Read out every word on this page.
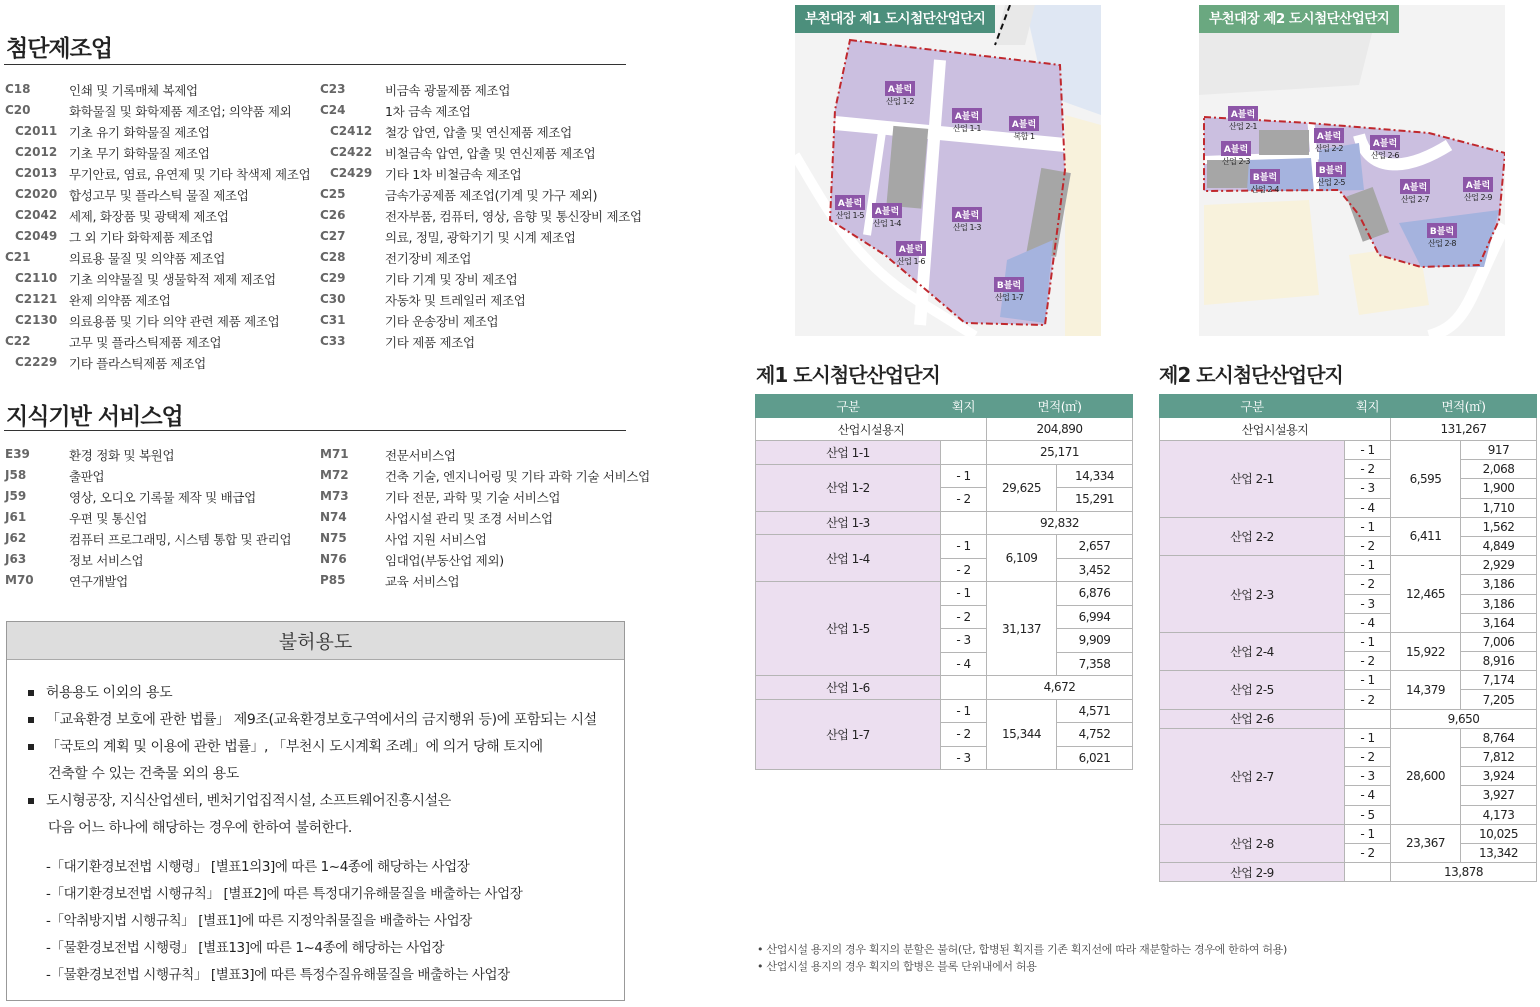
첨단제조업
C18	인쇄 및 기록매체 복제업
C20	화학물질 및 화학제품 제조업; 의약품 제외
C2011 기초 유기 화학물질 제조업
C2012 기초 무기 화학물질 제조업
C2013 무기안료, 염료, 유연제 및 기타 착색제 제조업
C2020 합성고무 및 플라스틱 물질 제조업
C2042 세제, 화장품 및 광택제 제조업
C2049 그 외 기타 화학제품 제조업
C21	의료용 물질 및 의약품 제조업
C2110 기초 의약물질 및 생물학적 제제 제조업
C2121 완제 의약품 제조업
C2130 의료용품 및 기타 의약 관련 제품 제조업
C22	고무 및 플라스틱제품 제조업
C2229 기타 플라스틱제품 제조업
C23	비금속 광물제품 제조업
C24	1차 금속 제조업
C2412 철강 압연, 압출 및 연신제품 제조업
C2422 비철금속 압연, 압출 및 연신제품 제조업
C2429 기타 1차 비철금속 제조업
C25	금속가공제품 제조업(기계 및 가구 제외)
C26	전자부품, 컴퓨터, 영상, 음향 및 통신장비 제조업
C27	의료, 정밀, 광학기기 및 시계 제조업
C28	전기장비 제조업
C29	기타 기계 및 장비 제조업
C30	자동차 및 트레일러 제조업
C31	기타 운송장비 제조업
C33	기타 제품 제조업
지식기반 서비스업
E39	환경 정화 및 복원업
J58	출판업
J59	영상, 오디오 기록물 제작 및 배급업
J61	우편 및 통신업
J62	컴퓨터 프로그래밍, 시스템 통합 및 관리업
J63	정보 서비스업
M70	연구개발업
M71	전문서비스업
M72	건축 기술, 엔지니어링 및 기타 과학 기술 서비스업
M73	기타 전문, 과학 및 기술 서비스업
N74	사업시설 관리 및 조경 서비스업
N75	사업 지원 서비스업
N76	임대업(부동산업 제외)
P85	교육 서비스업
불허용도
허용용도 이외의 용도
「교육환경 보호에 관한 법률」 제9조(교육환경보호구역에서의 금지행위 등)에 포함되는 시설
「국토의 계획 및 이용에 관한 법률」, 「부천시 도시계획 조례」에 의거 당해 토지에
건축할 수 있는 건축물 외의 용도
도시형공장, 지식산업센터, 벤처기업집적시설, 소프트웨어진흥시설은
다음 어느 하나에 해당하는 경우에 한하여 불허한다.
-「대기환경보전법 시행령」 [별표1의3]에 따른 1~4종에 해당하는 사업장
-「대기환경보전법 시행규칙」 [별표2]에 따른 특정대기유해물질을 배출하는 사업장
-「악취방지법 시행규칙」 [별표1]에 따른 지정악취물질을 배출하는 사업장
-「물환경보전법 시행령」 [별표13]에 따른 1~4종에 해당하는 사업장
-「물환경보전법 시행규칙」 [별표3]에 따른 특정수질유해물질을 배출하는 사업장
부천대장 제1 도시첨단산업단지
A블럭
산업 1-2
A블럭
산업 1-1	A블럭
복합 1
A블럭
산업 1-3
A블럭
산업 1-5	A블럭
산업 1-4
A블럭
산업 1-6
B블럭
산업 1-7
부천대장 제2 도시첨단산업단지
A블럭
산업 2-1
A블럭
산업 2-3
A블럭
산업 2-2	A블럭
산업 2-6
B블럭
산업 2-4
B블럭
산업 2-5
A블럭
산업 2-7
A블럭
산업 2-9
B블럭
산업 2-8
제1 도시첨단산업단지
구분	획지	면적(㎡)	
산업시설용지		204,890	
산업 1-1		25,171	
산업 1-2	- 1	29,625	14,334
	- 2		15,291
산업 1-3		92,832	
산업 1-4	- 1	6,109	2,657
	- 2		3,452
산업 1-5	- 1	31,137	6,876
	- 2		6,994
	- 3		9,909
	- 4		7,358
산업 1-6		4,672	
산업 1-7	- 1	15,344	4,571
	- 2		4,752
	- 3		6,021
제2 도시첨단산업단지
구분	획지	면적(㎡)	
산업시설용지		131,267	
산업 2-1	- 1	6,595	917
	- 2		2,068
	- 3		1,900
	- 4		1,710
산업 2-2	- 1	6,411	1,562
	- 2		4,849
산업 2-3	- 1	12,465	2,929
	- 2		3,186
	- 3		3,186
	- 4		3,164
산업 2-4	- 1	15,922	7,006
	- 2		8,916
산업 2-5	- 1	14,379	7,174
	- 2		7,205
산업 2-6		9,650	
산업 2-7	- 1	28,600	8,764
	- 2		7,812
	- 3		3,924
	- 4		3,927
	- 5		4,173
산업 2-8	- 1	23,367	10,025
	- 2		13,342
산업 2-9		13,878	
• 산업시설 용지의 경우 획지의 분할은 불허(단, 합병된 획지를 기존 획지선에 따라 재분할하는 경우에 한하여 허용)
• 산업시설 용지의 경우 획지의 합병은 블록 단위내에서 허용
